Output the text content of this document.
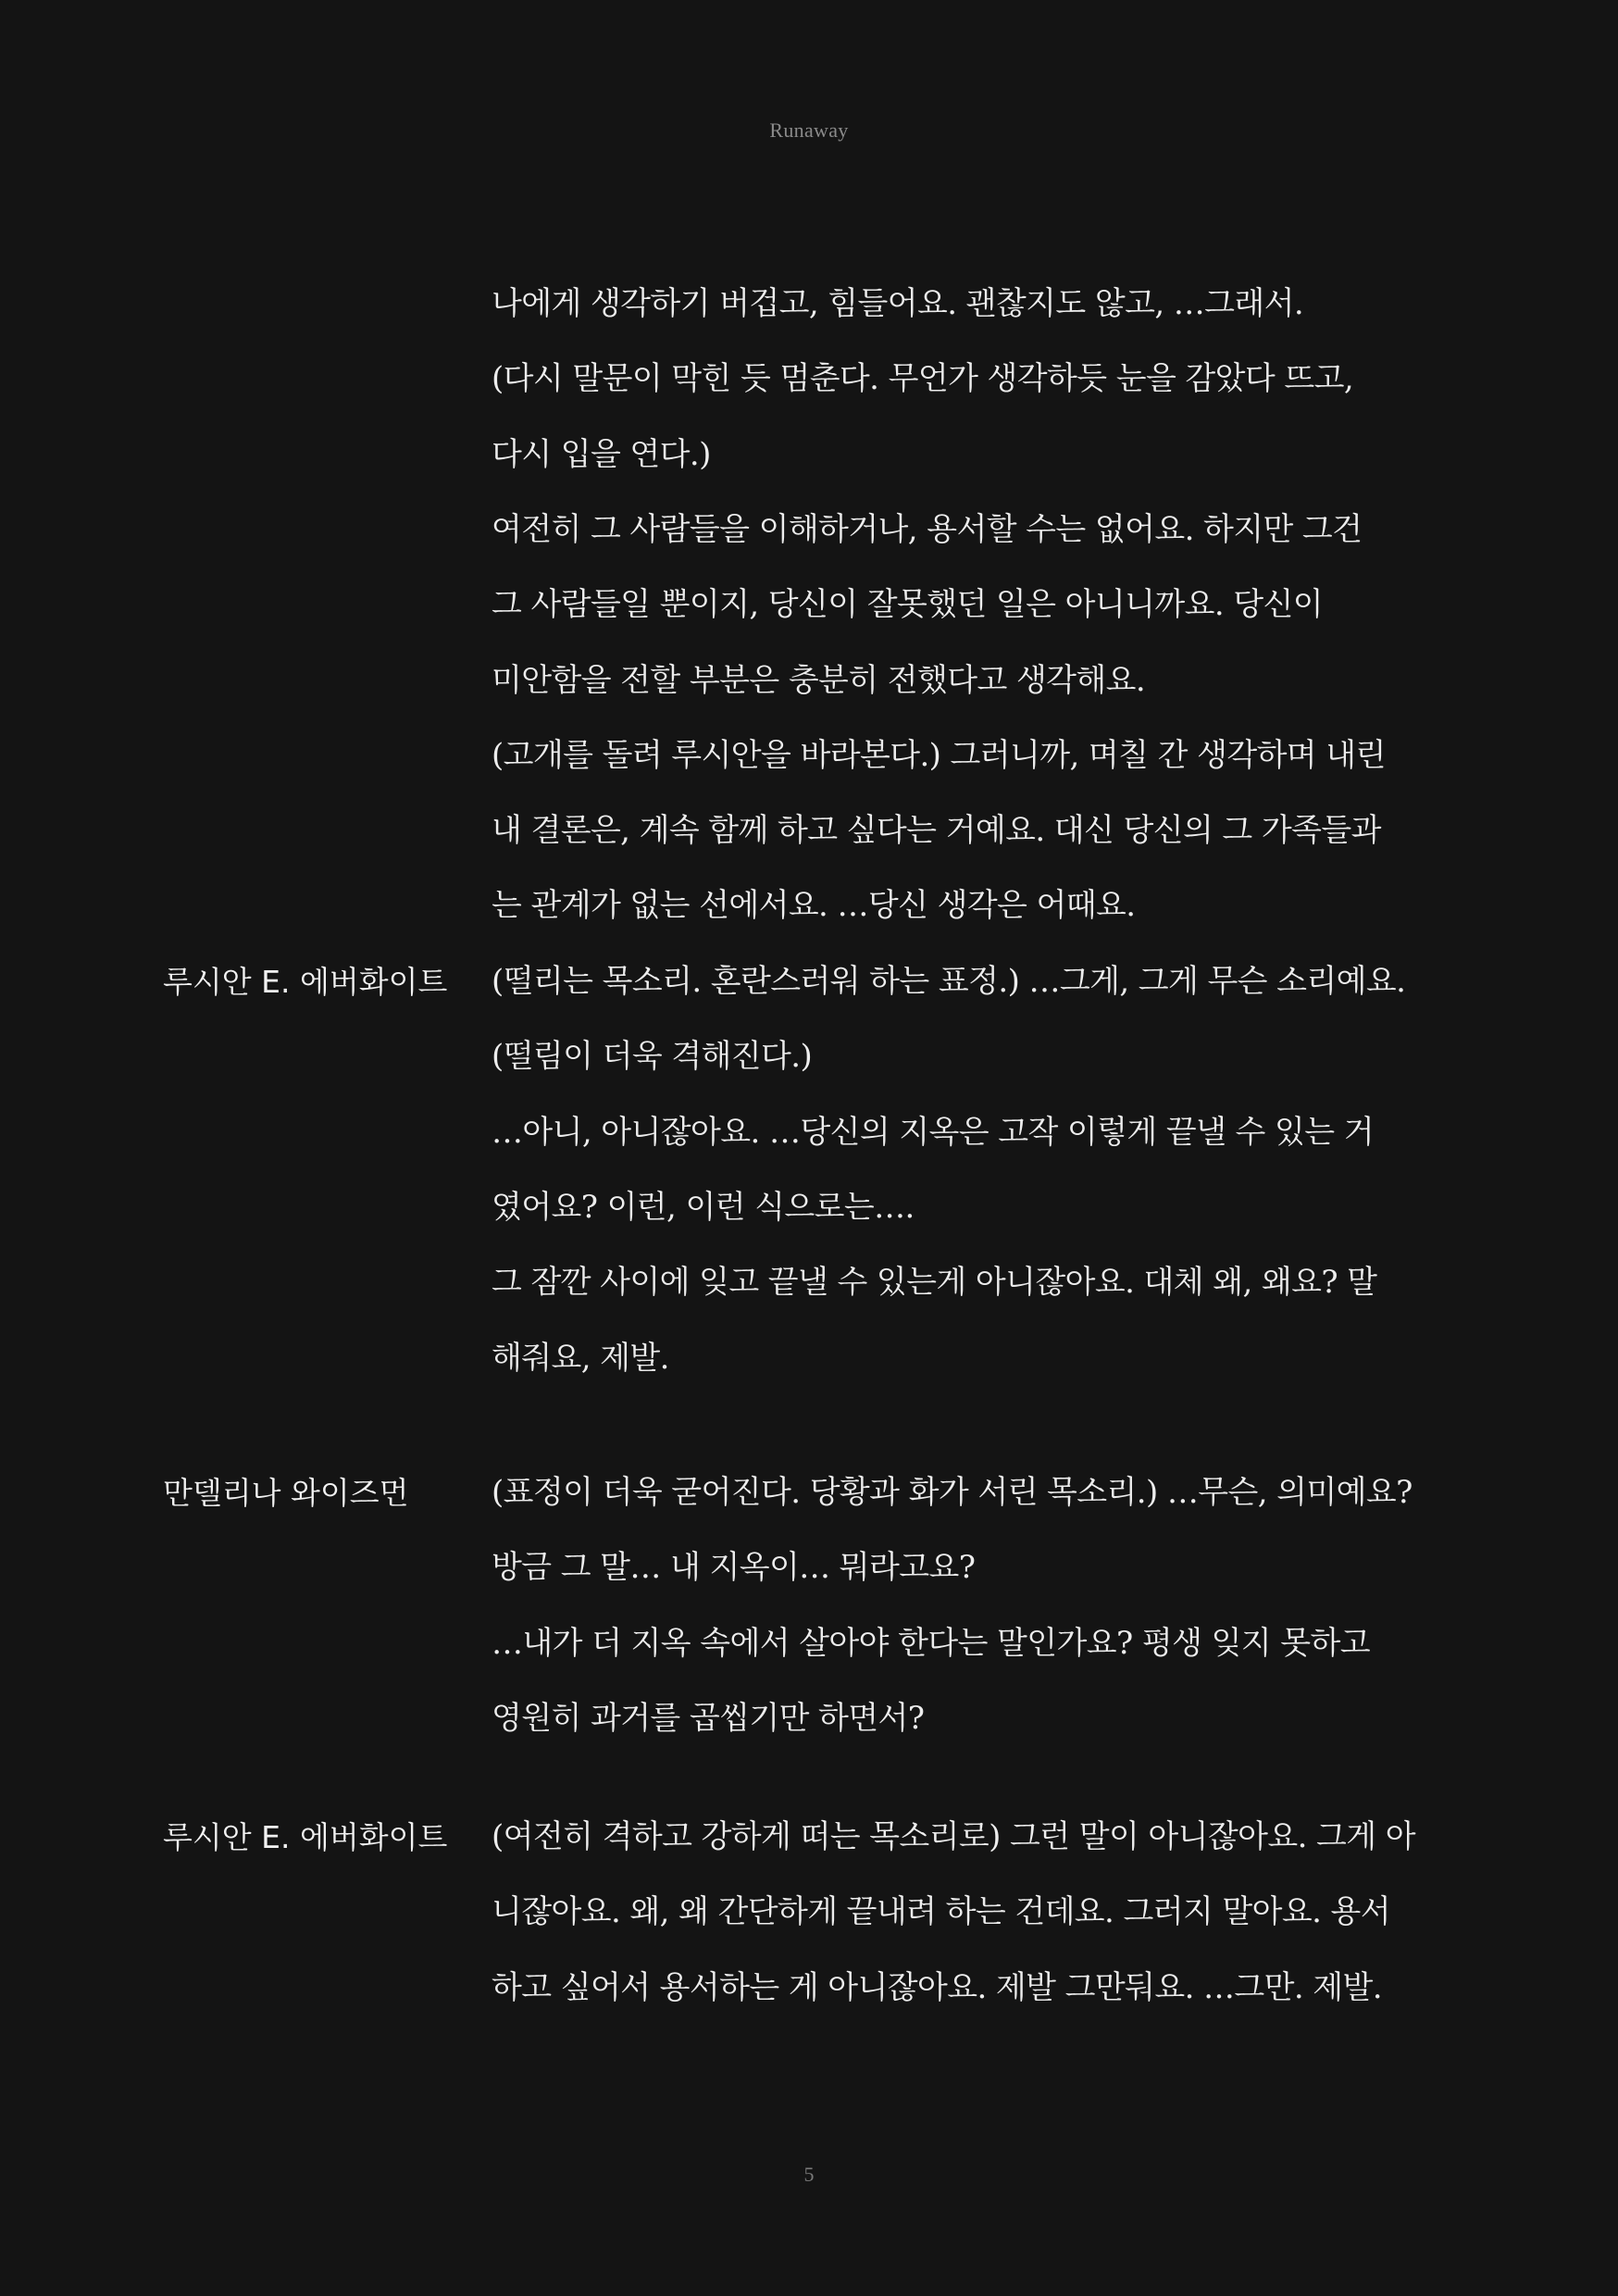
Runaway
나에게 생각하기 버겁고, 힘들어요. 괜찮지도 않고, …그래서.
(다시 말문이 막힌 듯 멈춘다. 무언가 생각하듯 눈을 감았다 뜨고,
다시 입을 연다.)
여전히 그 사람들을 이해하거나, 용서할 수는 없어요. 하지만 그건
그 사람들일 뿐이지, 당신이 잘못했던 일은 아니니까요. 당신이
미안함을 전할 부분은 충분히 전했다고 생각해요.
(고개를 돌려 루시안을 바라본다.) 그러니까, 며칠 간 생각하며 내린
내 결론은, 계속 함께 하고 싶다는 거예요. 대신 당신의 그 가족들과
는 관계가 없는 선에서요. …당신 생각은 어때요.
루시안 E. 에버화이트 (떨리는 목소리. 혼란스러워 하는 표정.) …그게, 그게 무슨 소리예요.
(떨림이 더욱 격해진다.)
…아니, 아니잖아요. …당신의 지옥은 고작 이렇게 끝낼 수 있는 거
였어요? 이런, 이런 식으로는….
그 잠깐 사이에 잊고 끝낼 수 있는게 아니잖아요. 대체 왜, 왜요? 말
해줘요, 제발.
만델리나 와이즈먼	(표정이 더욱 굳어진다. 당황과 화가 서린 목소리.) …무슨, 의미예요?
방금 그 말… 내 지옥이… 뭐라고요?
…내가 더 지옥 속에서 살아야 한다는 말인가요? 평생 잊지 못하고
영원히 과거를 곱씹기만 하면서?
루시안 E. 에버화이트 (여전히 격하고 강하게 떠는 목소리로) 그런 말이 아니잖아요. 그게 아
니잖아요. 왜, 왜 간단하게 끝내려 하는 건데요. 그러지 말아요. 용서
하고 싶어서 용서하는 게 아니잖아요. 제발 그만둬요. …그만. 제발.
5
